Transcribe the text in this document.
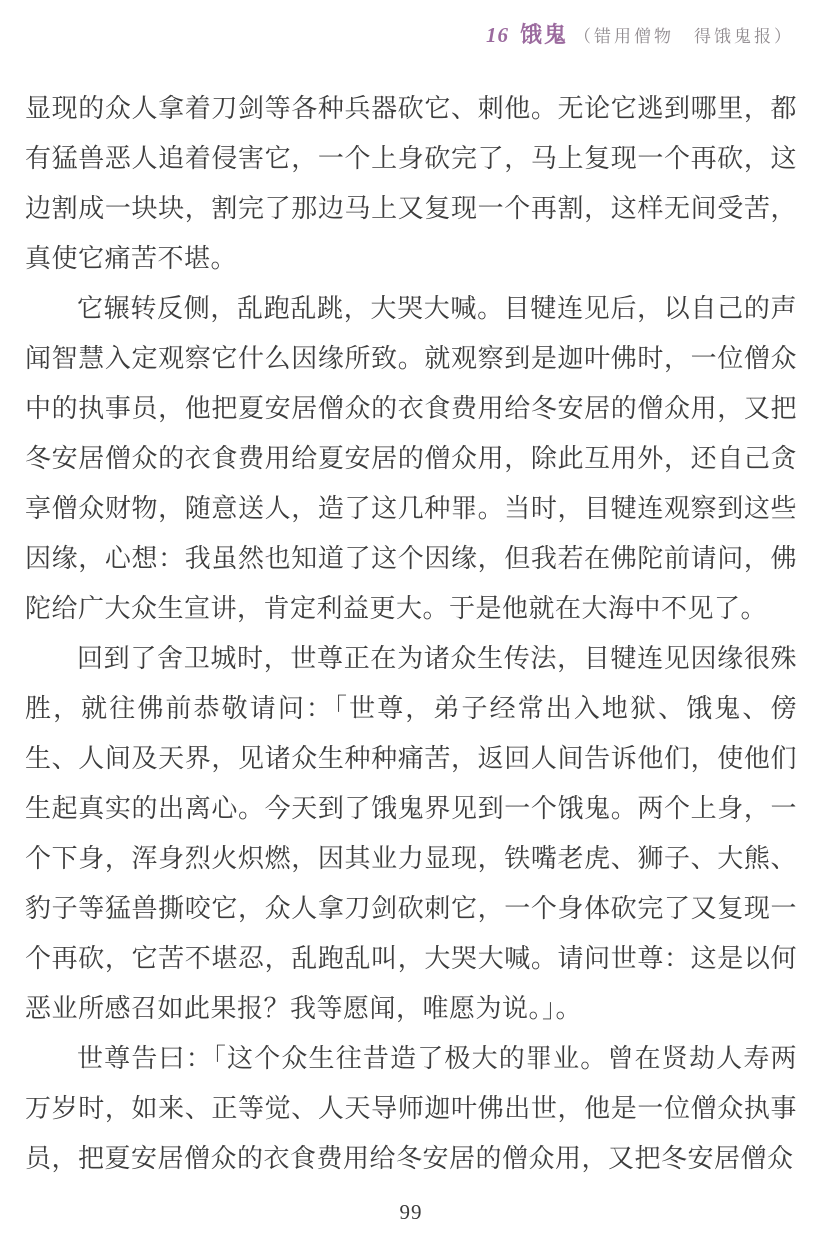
16 饿鬼 （错用僧物　得饿鬼报）

显现的众人拿着刀剑等各种兵器砍它、刺他。无论它逃到哪里，都有猛兽恶人追着侵害它，一个上身砍完了，马上复现一个再砍，这边割成一块块，割完了那边马上又复现一个再割，这样无间受苦，真使它痛苦不堪。

它辗转反侧，乱跑乱跳，大哭大喊。目犍连见后，以自己的声闻智慧入定观察它什么因缘所致。就观察到是迦叶佛时，一位僧众中的执事员，他把夏安居僧众的衣食费用给冬安居的僧众用，又把冬安居僧众的衣食费用给夏安居的僧众用，除此互用外，还自己贪享僧众财物，随意送人，造了这几种罪。当时，目犍连观察到这些因缘，心想：我虽然也知道了这个因缘，但我若在佛陀前请问，佛陀给广大众生宣讲，肯定利益更大。于是他就在大海中不见了。

回到了舍卫城时，世尊正在为诸众生传法，目犍连见因缘很殊胜，就往佛前恭敬请问：「世尊，弟子经常出入地狱、饿鬼、傍生、人间及天界，见诸众生种种痛苦，返回人间告诉他们，使他们生起真实的出离心。今天到了饿鬼界见到一个饿鬼。两个上身，一个下身，浑身烈火炽燃，因其业力显现，铁嘴老虎、狮子、大熊、豹子等猛兽撕咬它，众人拿刀剑砍刺它，一个身体砍完了又复现一个再砍，它苦不堪忍，乱跑乱叫，大哭大喊。请问世尊：这是以何恶业所感召如此果报？我等愿闻，唯愿为说。」。

世尊告曰：「这个众生往昔造了极大的罪业。曾在贤劫人寿两万岁时，如来、正等觉、人天导师迦叶佛出世，他是一位僧众执事员，把夏安居僧众的衣食费用给冬安居的僧众用，又把冬安居僧众

99
